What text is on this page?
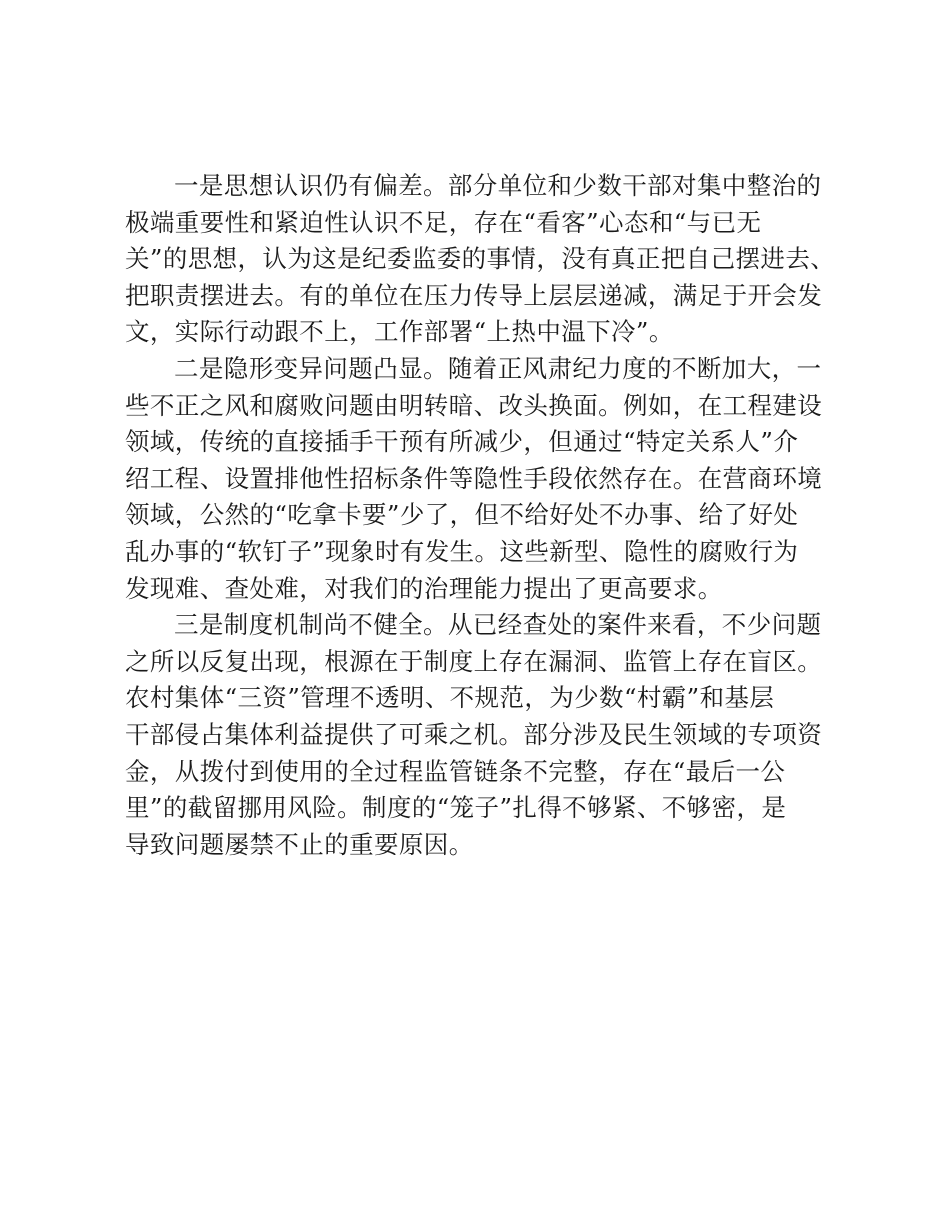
一是思想认识仍有偏差。部分单位和少数干部对集中整治的
极端重要性和紧迫性认识不足，存在“看客”心态和“与已无
关”的思想，认为这是纪委监委的事情，没有真正把自己摆进去、
把职责摆进去。有的单位在压力传导上层层递减，满足于开会发
文，实际行动跟不上，工作部署“上热中温下冷”。
二是隐形变异问题凸显。随着正风肃纪力度的不断加大，一
些不正之风和腐败问题由明转暗、改头换面。例如，在工程建设
领域，传统的直接插手干预有所减少，但通过“特定关系人”介
绍工程、设置排他性招标条件等隐性手段依然存在。在营商环境
领域，公然的“吃拿卡要”少了，但不给好处不办事、给了好处
乱办事的“软钉子”现象时有发生。这些新型、隐性的腐败行为
发现难、查处难，对我们的治理能力提出了更高要求。
三是制度机制尚不健全。从已经查处的案件来看，不少问题
之所以反复出现，根源在于制度上存在漏洞、监管上存在盲区。
农村集体“三资”管理不透明、不规范，为少数“村霸”和基层
干部侵占集体利益提供了可乘之机。部分涉及民生领域的专项资
金，从拨付到使用的全过程监管链条不完整，存在“最后一公
里”的截留挪用风险。制度的“笼子”扎得不够紧、不够密，是
导致问题屡禁不止的重要原因。
